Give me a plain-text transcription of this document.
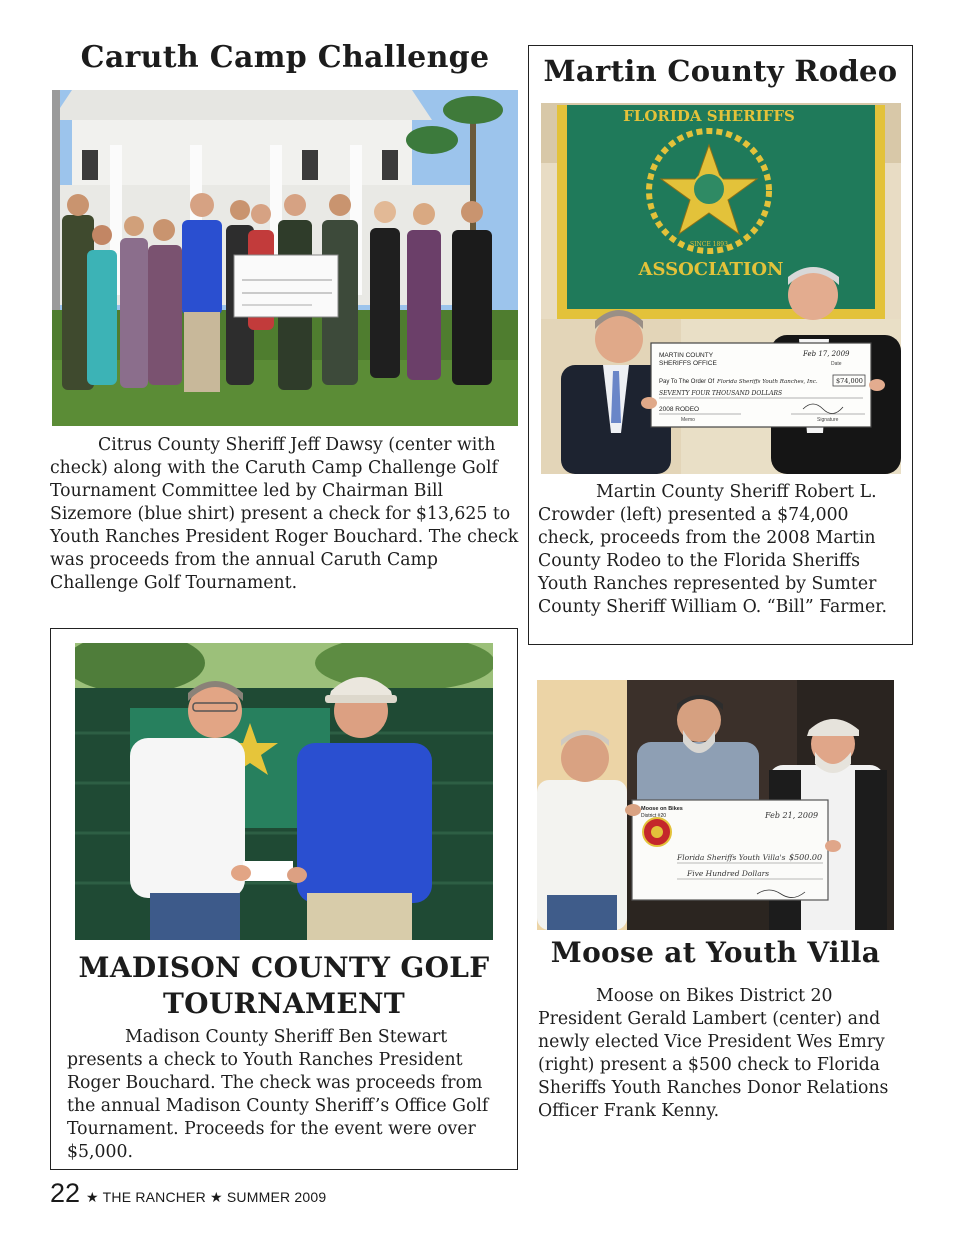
Caruth Camp Challenge

Citrus County Sheriff Jeff Dawsy (center with check) along with the Caruth Camp Challenge Golf Tournament Committee led by Chairman Bill Sizemore (blue shirt) present a check for $13,625 to Youth Ranches President Roger Bouchard. The check was proceeds from the annual Caruth Camp Challenge Golf Tournament.

Martin County Rodeo
FLORIDA SHERIFFS
SINCE 1893
ASSOCIATION
MARTIN COUNTY
SHERIFFS OFFICE
Feb 17, 2009
Date
Pay To The Order Of Florida Sheriffs Youth Ranches, Inc.	$74,000
SEVENTY FOUR THOUSAND DOLLARS
2008 RODEO
Memo	Signature

Martin County Sheriff Robert L. Crowder (left) presented a $74,000 check, proceeds from the 2008 Martin County Rodeo to the Florida Sheriffs Youth Ranches represented by Sumter County Sheriff William O. “Bill” Farmer.

MADISON COUNTY GOLF TOURNAMENT

Madison County Sheriff Ben Stewart presents a check to Youth Ranches President Roger Bouchard. The check was proceeds from the annual Madison County Sheriff’s Office Golf Tournament. Proceeds for the event were over $5,000.

Moose on Bikes
District #20	Feb 21, 2009
Florida Sheriffs Youth Villa's $500.00
Five Hundred Dollars
Moose at Youth Villa

Moose on Bikes District 20 President Gerald Lambert (center) and newly elected Vice President Wes Emry (right) present a $500 check to Florida Sheriffs Youth Ranches Donor Relations Officer Frank Kenny.

22 ★ THE RANCHER ★ SUMMER 2009
